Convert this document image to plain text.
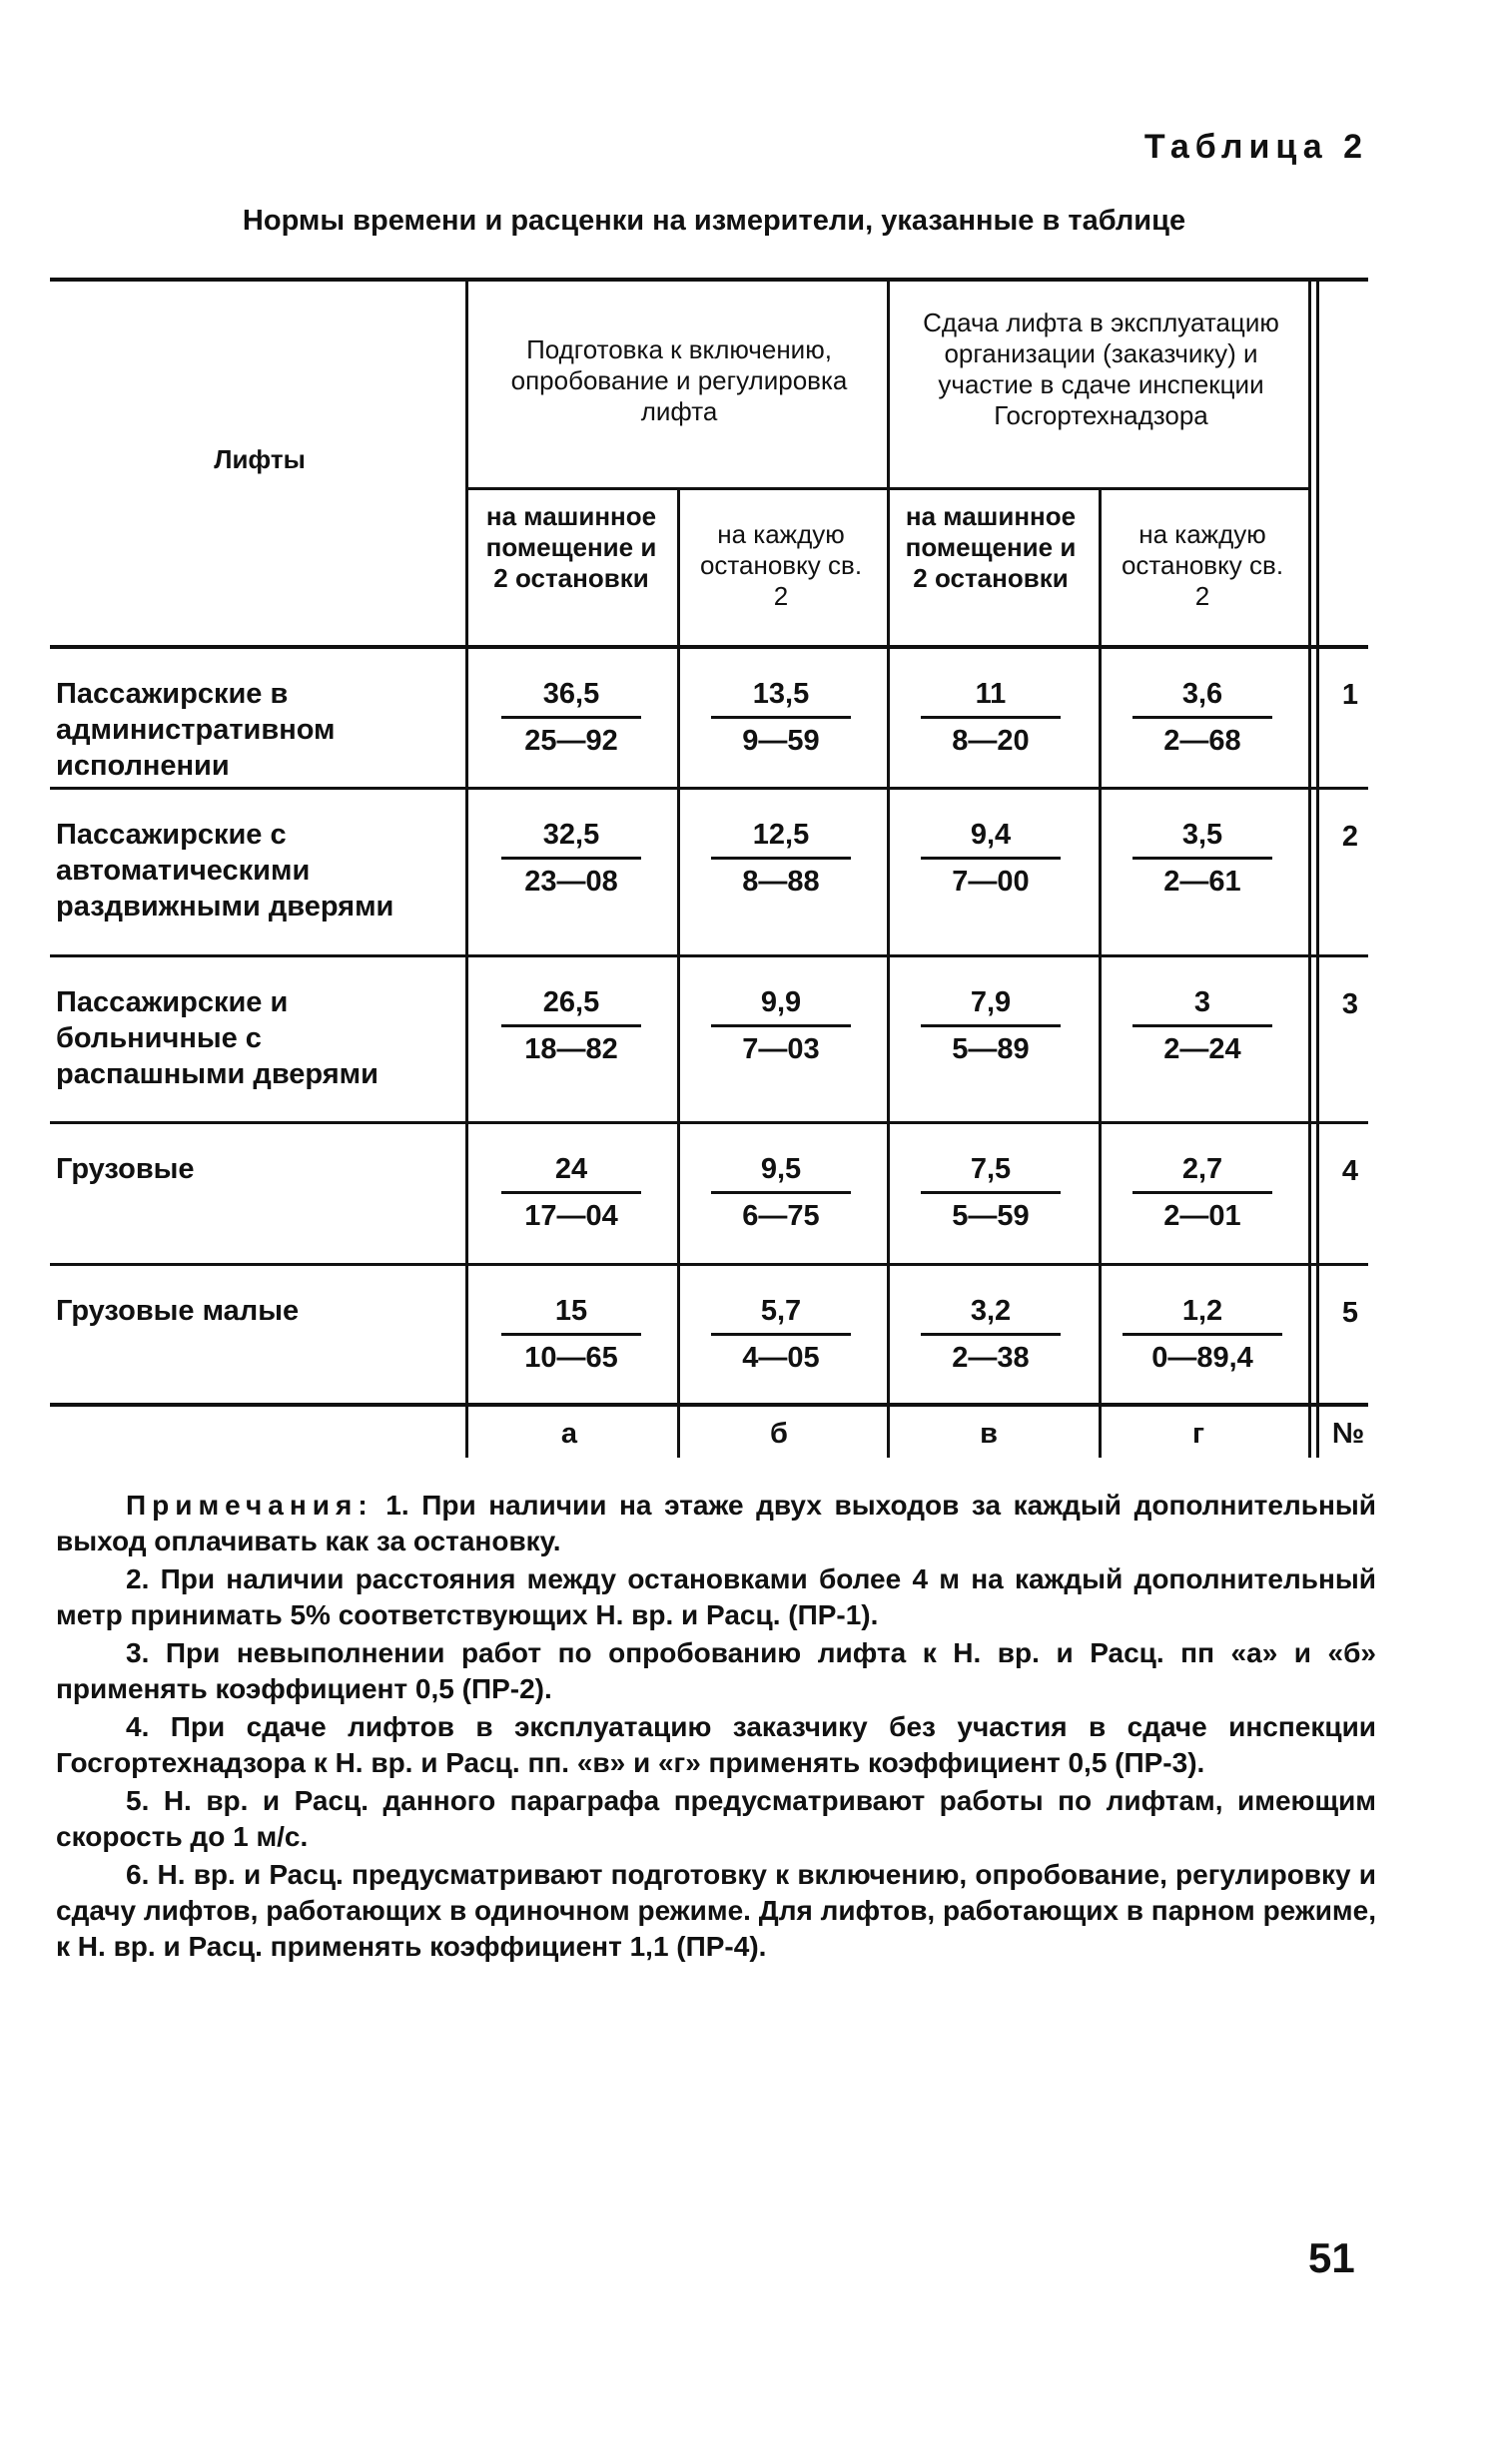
Таблица 2
Нормы времени и расценки на измерители, указанные в таблице
Лифты
Подготовка к включению, опробование и регулировка лифта
Сдача лифта в эксплуатацию организации (заказчику) и участие в сдаче инспекции Госгортехнадзора
на машинное помещение и 2 остановки
на каждую остановку св. 2
на машинное помещение и 2 остановки
на каждую остановку св. 2
Пассажирские в административном исполнении
$\frac{36,5}{25—92} \frac{13,5}{9—59} \frac{11}{8—20} \frac{3,6}{2—68}$	1
Пассажирские с автоматическими раздвижными дверями
$\frac{32,5}{23—08} \frac{12,5}{8—88} \frac{9,4}{7—00} \frac{3,5}{2—61}$	2
Пассажирские и больничные с распашными дверями
$\frac{26,5}{18—82} \frac{9,9}{7—03} \frac{7,9}{5—89} \frac{3}{2—24}$	3
Грузовые	$\frac{24}{17—04} \frac{9,5}{6—75} \frac{7,5}{5—59} \frac{2,7}{2—01}$	4
Грузовые малые	$\frac{15}{10—65} \frac{5,7}{4—05} \frac{3,2}{2—38} \frac{1,2}{0—89,4}$	5
а	б	в	г	№

Примечания: 1. При наличии на этаже двух выходов за каждый дополнительный выход оплачивать как за остановку.

2. При наличии расстояния между остановками более 4 м на каждый дополнительный метр принимать 5% соответствующих Н. вр. и Расц. (ПР-1).

3. При невыполнении работ по опробованию лифта к Н. вр. и Расц. пп «а» и «б» применять коэффициент 0,5 (ПР-2).

4. При сдаче лифтов в эксплуатацию заказчику без участия в сдаче инспекции Госгортехнадзора к Н. вр. и Расц. пп. «в» и «г» применять коэффициент 0,5 (ПР-3).

5. Н. вр. и Расц. данного параграфа предусматривают работы по лифтам, имеющим скорость до 1 м/с.

6. Н. вр. и Расц. предусматривают подготовку к включению, опробование, регулировку и сдачу лифтов, работающих в одиночном режиме. Для лифтов, работающих в парном режиме, к Н. вр. и Расц. применять коэффициент 1,1 (ПР-4).

51
